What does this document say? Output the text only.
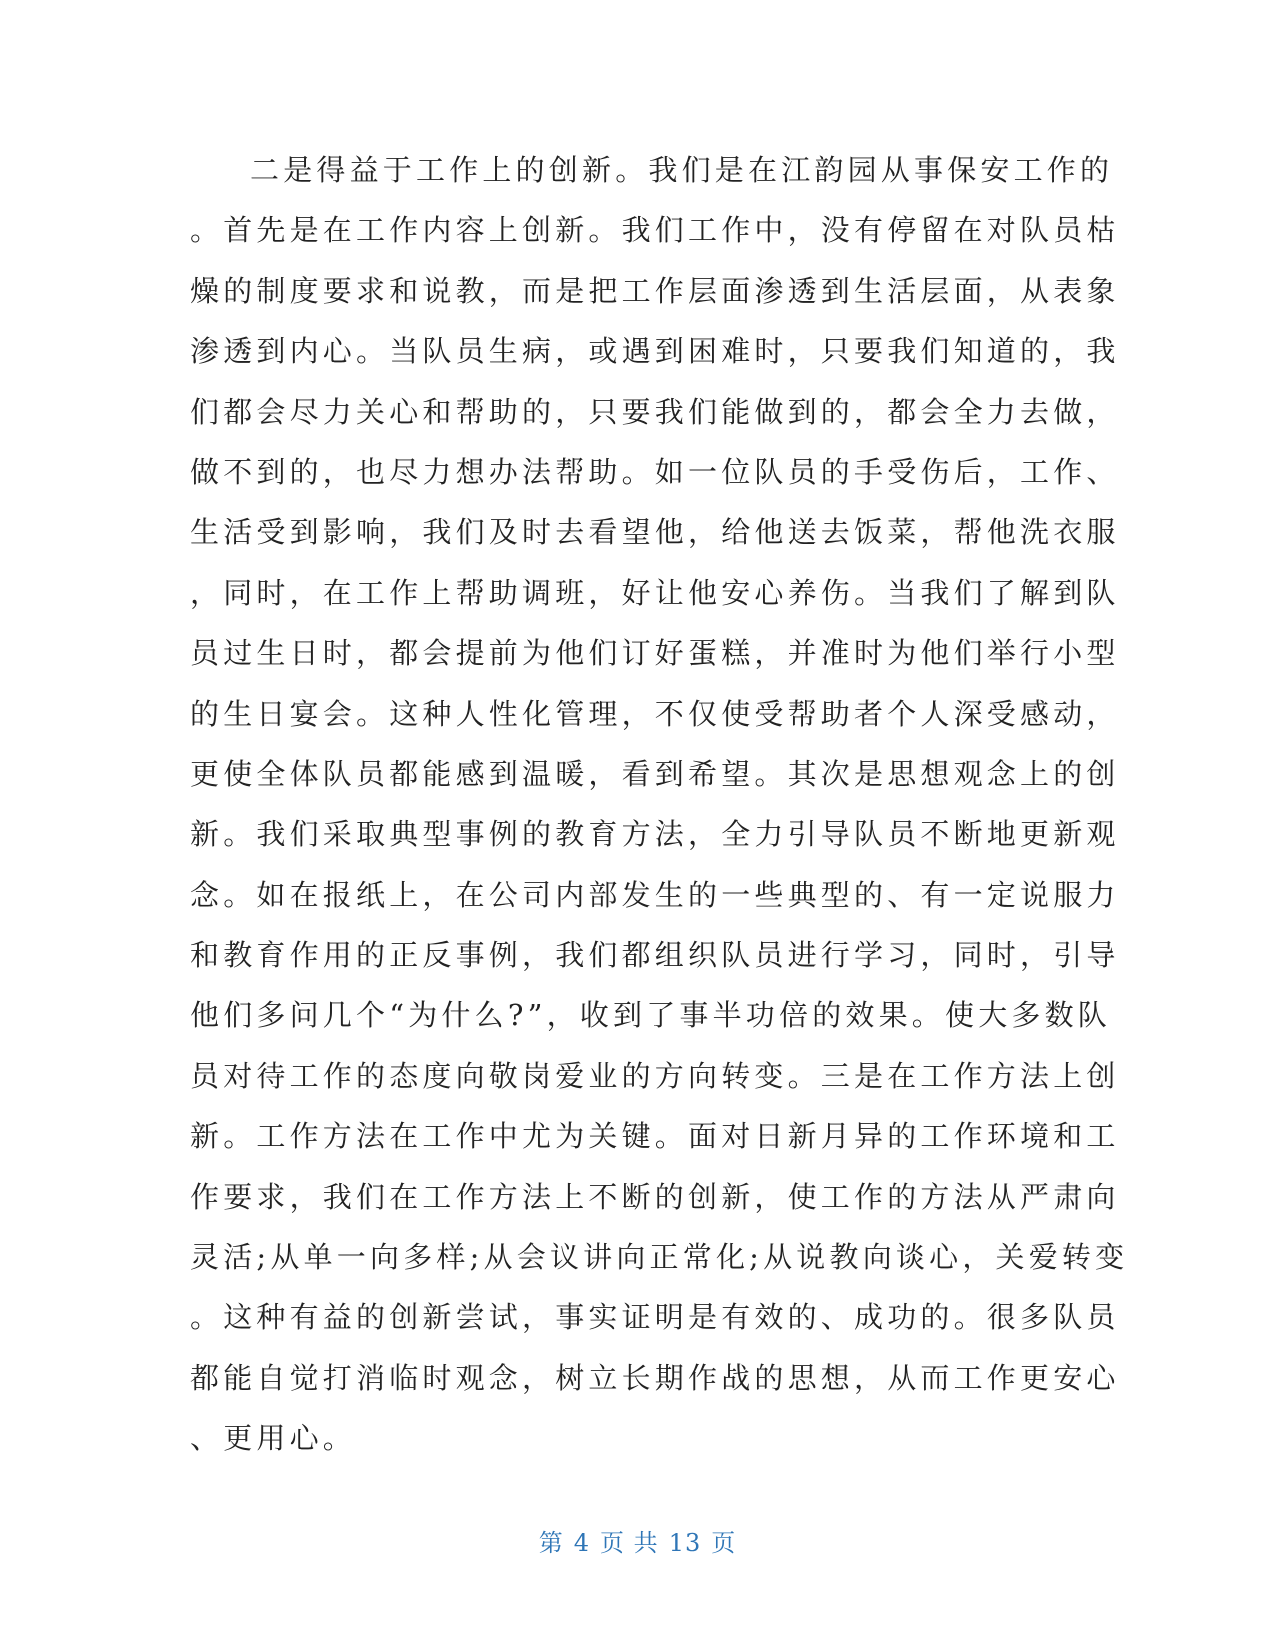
二是得益于工作上的创新。我们是在江韵园从事保安工作的
。首先是在工作内容上创新。我们工作中，没有停留在对队员枯
燥的制度要求和说教，而是把工作层面渗透到生活层面，从表象
渗透到内心。当队员生病，或遇到困难时，只要我们知道的，我
们都会尽力关心和帮助的，只要我们能做到的，都会全力去做，
做不到的，也尽力想办法帮助。如一位队员的手受伤后，工作、
生活受到影响，我们及时去看望他，给他送去饭菜，帮他洗衣服
，同时，在工作上帮助调班，好让他安心养伤。当我们了解到队
员过生日时，都会提前为他们订好蛋糕，并准时为他们举行小型
的生日宴会。这种人性化管理，不仅使受帮助者个人深受感动，
更使全体队员都能感到温暖，看到希望。其次是思想观念上的创
新。我们采取典型事例的教育方法，全力引导队员不断地更新观
念。如在报纸上，在公司内部发生的一些典型的、有一定说服力
和教育作用的正反事例，我们都组织队员进行学习，同时，引导
他们多问几个“为什么?”，收到了事半功倍的效果。使大多数队
员对待工作的态度向敬岗爱业的方向转变。三是在工作方法上创
新。工作方法在工作中尤为关键。面对日新月异的工作环境和工
作要求，我们在工作方法上不断的创新，使工作的方法从严肃向
灵活;从单一向多样;从会议讲向正常化;从说教向谈心，关爱转变
。这种有益的创新尝试，事实证明是有效的、成功的。很多队员
都能自觉打消临时观念，树立长期作战的思想，从而工作更安心
、更用心。
第 4 页 共 13 页
